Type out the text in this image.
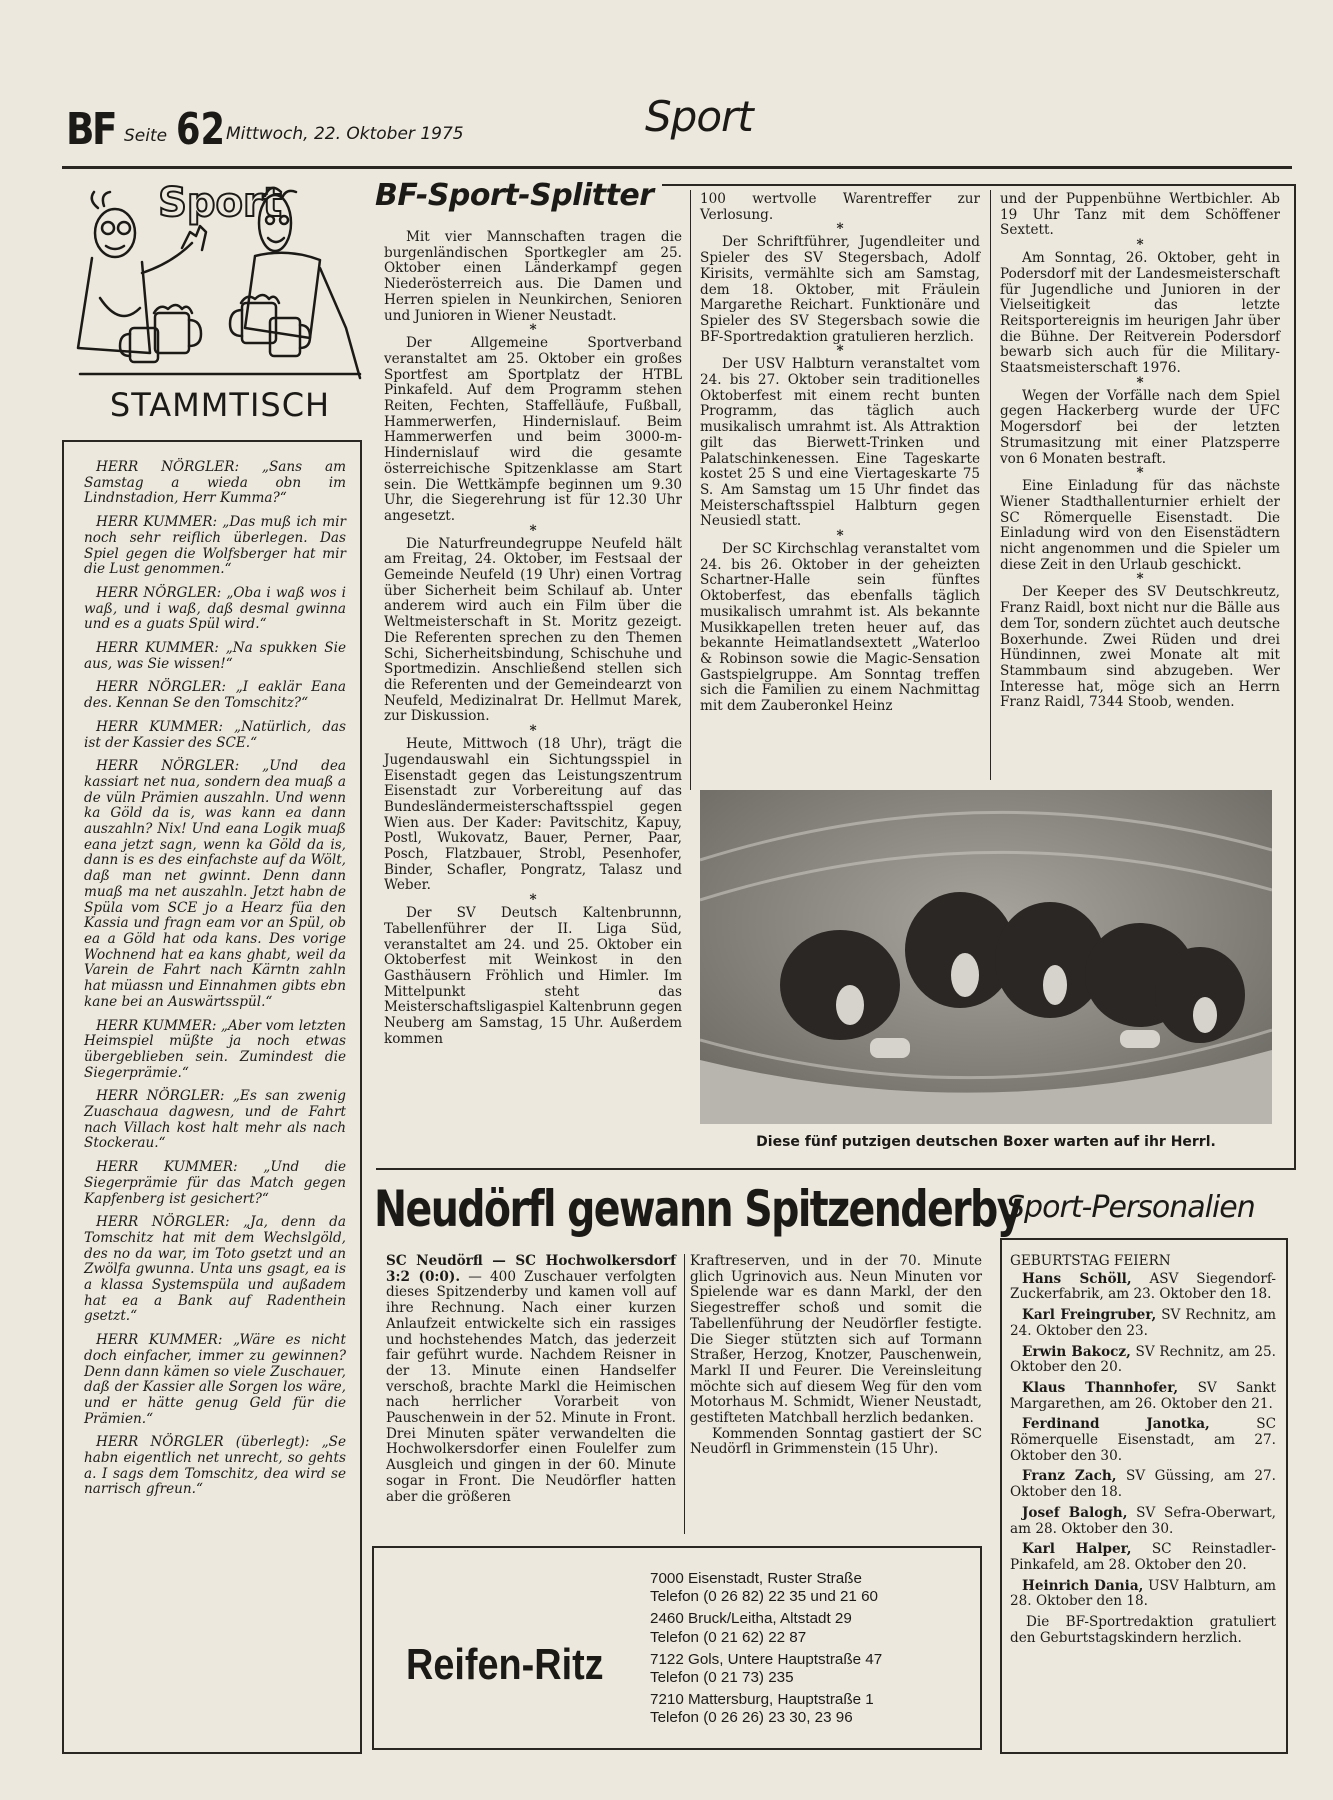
BF Seite 62 Mittwoch, 22. Oktober 1975	Sport
Sport
STAMMTISCH

HERR NÖRGLER: „Sans am Samstag a wieda obn im Lindnstadion, Herr Kumma?“

HERR KUMMER: „Das muß ich mir noch sehr reiflich überlegen. Das Spiel gegen die Wolfsberger hat mir die Lust genommen.“

HERR NÖRGLER: „Oba i waß wos i waß, und i waß, daß desmal gwinna und es a guats Spül wird.“

HERR KUMMER: „Na spukken Sie aus, was Sie wissen!“

HERR NÖRGLER: „I eaklär Eana des. Kennan Se den Tomschitz?“

HERR KUMMER: „Natürlich, das ist der Kassier des SCE.“

HERR NÖRGLER: „Und dea kassiart net nua, sondern dea muaß a de vüln Prämien auszahln. Und wenn ka Göld da is, was kann ea dann auszahln? Nix! Und eana Logik muaß eana jetzt sagn, wenn ka Göld da is, dann is es des einfachste auf da Wölt, daß man net gwinnt. Denn dann muaß ma net auszahln. Jetzt habn de Spüla vom SCE jo a Hearz füa den Kassia und fragn eam vor an Spül, ob ea a Göld hat oda kans. Des vorige Wochnend hat ea kans ghabt, weil da Varein de Fahrt nach Kärntn zahln hat müassn und Einnahmen gibts ebn kane bei an Auswärtsspül.“

HERR KUMMER: „Aber vom letzten Heimspiel müßte ja noch etwas übergeblieben sein. Zumindest die Siegerprämie.“

HERR NÖRGLER: „Es san zwenig Zuaschaua dagwesn, und de Fahrt nach Villach kost halt mehr als nach Stockerau.“

HERR KUMMER: „Und die Siegerprämie für das Match gegen Kapfenberg ist gesichert?“

HERR NÖRGLER: „Ja, denn da Tomschitz hat mit dem Wechslgöld, des no da war, im Toto gsetzt und an Zwölfa gwunna. Unta uns gsagt, ea is a klassa Systemspüla und außadem hat ea a Bank auf Radenthein gsetzt.“

HERR KUMMER: „Wäre es nicht doch einfacher, immer zu gewinnen? Denn dann kämen so viele Zuschauer, daß der Kassier alle Sorgen los wäre, und er hätte genug Geld für die Prämien.“

HERR NÖRGLER (überlegt): „Se habn eigentlich net unrecht, so gehts a. I sags dem Tomschitz, dea wird se narrisch gfreun.“

BF-Sport-Splitter

Mit vier Mannschaften tragen die burgenländischen Sportkegler am 25. Oktober einen Länderkampf gegen Niederösterreich aus. Die Damen und Herren spielen in Neunkirchen, Senioren und Junioren in Wiener Neustadt.

*

Der Allgemeine Sportverband veranstaltet am 25. Oktober ein großes Sportfest am Sportplatz der HTBL Pinkafeld. Auf dem Programm stehen Reiten, Fechten, Staffelläufe, Fußball, Hammerwerfen, Hindernislauf. Beim Hammerwerfen und beim 3000-m-Hindernislauf wird die gesamte österreichische Spitzenklasse am Start sein. Die Wettkämpfe beginnen um 9.30 Uhr, die Siegerehrung ist für 12.30 Uhr angesetzt.

*

Die Naturfreundegruppe Neufeld hält am Freitag, 24. Oktober, im Festsaal der Gemeinde Neufeld (19 Uhr) einen Vortrag über Sicherheit beim Schilauf ab. Unter anderem wird auch ein Film über die Weltmeisterschaft in St. Moritz gezeigt. Die Referenten sprechen zu den Themen Schi, Sicherheitsbindung, Schischuhe und Sportmedizin. Anschließend stellen sich die Referenten und der Gemeindearzt von Neufeld, Medizinalrat Dr. Hellmut Marek, zur Diskussion.

*

Heute, Mittwoch (18 Uhr), trägt die Jugendauswahl ein Sichtungsspiel in Eisenstadt gegen das Leistungszentrum Eisenstadt zur Vorbereitung auf das Bundesländermeisterschaftsspiel gegen Wien aus. Der Kader: Pavitschitz, Kapuy, Postl, Wukovatz, Bauer, Perner, Paar, Posch, Flatzbauer, Strobl, Pesenhofer, Binder, Schafler, Pongratz, Talasz und Weber.

*

Der SV Deutsch Kaltenbrunnn, Tabellenführer der II. Liga Süd, veranstaltet am 24. und 25. Oktober ein Oktoberfest mit Weinkost in den Gasthäusern Fröhlich und Himler. Im Mittelpunkt steht das Meisterschaftsligaspiel Kaltenbrunn gegen Neuberg am Samstag, 15 Uhr. Außerdem kommen

100 wertvolle Warentreffer zur Verlosung.

*

Der Schriftführer, Jugendleiter und Spieler des SV Stegersbach, Adolf Kirisits, vermählte sich am Samstag, dem 18. Oktober, mit Fräulein Margarethe Reichart. Funktionäre und Spieler des SV Stegersbach sowie die BF-Sportredaktion gratulieren herzlich.

*

Der USV Halbturn veranstaltet vom 24. bis 27. Oktober sein traditionelles Oktoberfest mit einem recht bunten Programm, das täglich auch musikalisch umrahmt ist. Als Attraktion gilt das Bierwett-Trinken und Palatschinkenessen. Eine Tageskarte kostet 25 S und eine Viertageskarte 75 S. Am Samstag um 15 Uhr findet das Meisterschaftsspiel Halbturn gegen Neusiedl statt.

*

Der SC Kirchschlag veranstaltet vom 24. bis 26. Oktober in der geheizten Schartner-Halle sein fünftes Oktoberfest, das ebenfalls täglich musikalisch umrahmt ist. Als bekannte Musikkapellen treten heuer auf, das bekannte Heimatlandsextett „Waterloo & Robinson sowie die Magic-Sensation Gastspielgruppe. Am Sonntag treffen sich die Familien zu einem Nachmittag mit dem Zauberonkel Heinz

und der Puppenbühne Wertbichler. Ab 19 Uhr Tanz mit dem Schöffener Sextett.

*

Am Sonntag, 26. Oktober, geht in Podersdorf mit der Landesmeisterschaft für Jugendliche und Junioren in der Vielseitigkeit das letzte Reitsportereignis im heurigen Jahr über die Bühne. Der Reitverein Podersdorf bewarb sich auch für die Military-Staatsmeisterschaft 1976.

*

Wegen der Vorfälle nach dem Spiel gegen Hackerberg wurde der UFC Mogersdorf bei der letzten Strumasitzung mit einer Platzsperre von 6 Monaten bestraft.

*

Eine Einladung für das nächste Wiener Stadthallenturnier erhielt der SC Römerquelle Eisenstadt. Die Einladung wird von den Eisenstädtern nicht angenommen und die Spieler um diese Zeit in den Urlaub geschickt.

*

Der Keeper des SV Deutschkreutz, Franz Raidl, boxt nicht nur die Bälle aus dem Tor, sondern züchtet auch deutsche Boxerhunde. Zwei Rüden und drei Hündinnen, zwei Monate alt mit Stammbaum sind abzugeben. Wer Interesse hat, möge sich an Herrn Franz Raidl, 7344 Stoob, wenden.

Diese fünf putzigen deutschen Boxer warten auf ihr Herrl.
Neudörfl gewann Spitzenderby

SC Neudörfl — SC Hochwolkersdorf 3:2 (0:0). — 400 Zuschauer verfolgten dieses Spitzenderby und kamen voll auf ihre Rechnung. Nach einer kurzen Anlaufzeit entwickelte sich ein rassiges und hochstehendes Match, das jederzeit fair geführt wurde. Nachdem Reisner in der 13. Minute einen Handselfer verschoß, brachte Markl die Heimischen nach herrlicher Vorarbeit von Pauschenwein in der 52. Minute in Front. Drei Minuten später verwandelten die Hochwolkersdorfer einen Foulelfer zum Ausgleich und gingen in der 60. Minute sogar in Front. Die Neudörfler hatten aber die größeren

Kraftreserven, und in der 70. Minute glich Ugrinovich aus. Neun Minuten vor Spielende war es dann Markl, der den Siegestreffer schoß und somit die Tabellenführung der Neudörfler festigte. Die Sieger stützten sich auf Tormann Straßer, Herzog, Knotzer, Pauschenwein, Markl II und Feurer. Die Vereinsleitung möchte sich auf diesem Weg für den vom Motorhaus M. Schmidt, Wiener Neustadt, gestifteten Matchball herzlich bedanken.

Kommenden Sonntag gastiert der SC Neudörfl in Grimmenstein (15 Uhr).

Sport-Personalien

GEBURTSTAG FEIERN

Hans Schöll, ASV Siegendorf-Zuckerfabrik, am 23. Oktober den 18.

Karl Freingruber, SV Rechnitz, am 24. Oktober den 23.

Erwin Bakocz, SV Rechnitz, am 25. Oktober den 20.

Klaus Thannhofer, SV Sankt Margarethen, am 26. Oktober den 21.

Ferdinand Janotka,	SC Römerquelle Eisenstadt, am 27. Oktober den 30.

Franz Zach, SV Güssing, am 27. Oktober den 18.

Josef Balogh, SV Sefra-Oberwart, am 28. Oktober den 30.

Karl Halper, SC Reinstadler-Pinkafeld, am 28. Oktober den 20.

Heinrich Dania, USV Halbturn, am 28. Oktober den 18.

Die BF-Sportredaktion gratuliert den Geburtstagskindern herzlich.

Reifen-Ritz

7000 Eisenstadt, Ruster Straße
Telefon (0 26 82) 22 35 und 21 60

2460 Bruck/Leitha, Altstadt 29
Telefon (0 21 62) 22 87

7122 Gols, Untere Hauptstraße 47
Telefon (0 21 73) 235

7210 Mattersburg, Hauptstraße 1
Telefon (0 26 26) 23 30, 23 96
